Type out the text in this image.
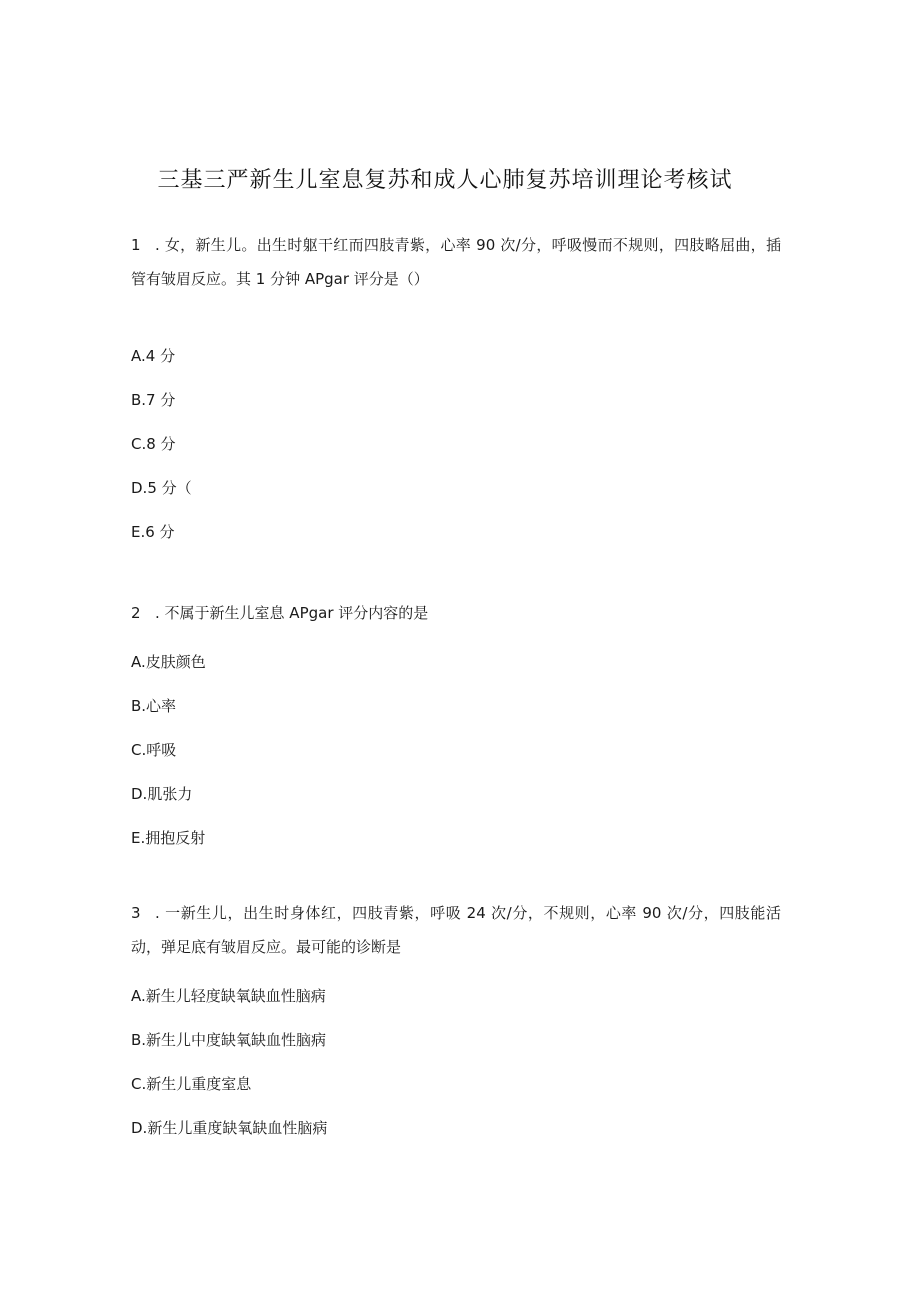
三基三严新生儿室息复苏和成人心肺复苏培训理论考核试
1 . 女，新生儿。出生时躯干红而四肢青紫，心率 90 次/分，呼吸慢而不规则，四肢略屈曲，插管有皱眉反应。其 1 分钟 APgar 评分是（）
A.4 分
B.7 分
C.8 分
D.5 分（
E.6 分
2 . 不属于新生儿室息 APgar 评分内容的是
A.皮肤颜色
B.心率
C.呼吸
D.肌张力
E.拥抱反射
3 . 一新生儿，出生时身体红，四肢青紫，呼吸 24 次/分，不规则，心率 90 次/分，四肢能活动，弹足底有皱眉反应。最可能的诊断是
A.新生儿轻度缺氧缺血性脑病
B.新生儿中度缺氧缺血性脑病
C.新生儿重度室息
D.新生儿重度缺氧缺血性脑病
